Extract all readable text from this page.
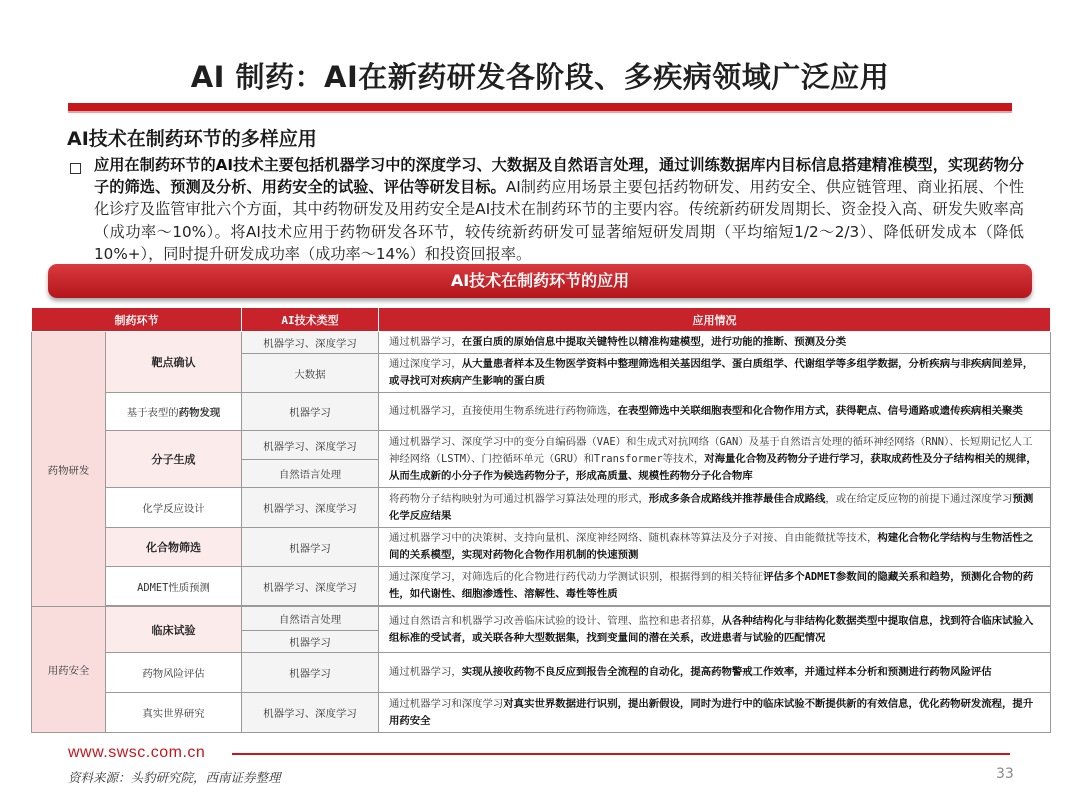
AI 制药：AI在新药研发各阶段、多疾病领域广泛应用
AI技术在制药环节的多样应用
应用在制药环节的AI技术主要包括机器学习中的深度学习、大数据及自然语言处理，通过训练数据库内目标信息搭建精准模型，实现药物分子的筛选、预测及分析、用药安全的试验、评估等研发目标。AI制药应用场景主要包括药物研发、用药安全、供应链管理、商业拓展、个性化诊疗及监管审批六个方面，其中药物研发及用药安全是AI技术在制药环节的主要内容。传统新药研发周期长、资金投入高、研发失败率高（成功率～10%）。将AI技术应用于药物研发各环节，较传统新药研发可显著缩短研发周期（平均缩短1/2～2/3）、降低研发成本（降低10%+），同时提升研发成功率（成功率～14%）和投资回报率。
AI技术在制药环节的应用
制药环节		AI技术类型	应用情况
药物研发	靶点确认	机器学习、深度学习	通过机器学习，在蛋白质的原始信息中提取关键特性以精准构建模型，进行功能的推断、预测及分类
		大数据	通过深度学习，从大量患者样本及生物医学资料中整理筛选相关基因组学、蛋白质组学、代谢组学等多组学数据，分析疾病与非疾病间差异，或寻找可对疾病产生影响的蛋白质
	基于表型的药物发现	机器学习	通过机器学习，直接使用生物系统进行药物筛选，在表型筛选中关联细胞表型和化合物作用方式，获得靶点、信号通路或遗传疾病相关聚类
	分子生成	机器学习、深度学习	通过机器学习、深度学习中的变分自编码器（VAE）和生成式对抗网络（GAN）及基于自然语言处理的循环神经网络（RNN）、长短期记忆人工神经网络（LSTM）、门控循环单元（GRU）和Transformer等技术，对海量化合物及药物分子进行学习，获取成药性及分子结构相关的规律，从而生成新的小分子作为候选药物分子，形成高质量、规模性药物分子化合物库
		自然语言处理	
	化学反应设计	机器学习、深度学习	将药物分子结构映射为可通过机器学习算法处理的形式，形成多条合成路线并推荐最佳合成路线，或在给定反应物的前提下通过深度学习预测化学反应结果
	化合物筛选	机器学习	通过机器学习中的决策树、支持向量机、深度神经网络、随机森林等算法及分子对接、自由能微扰等技术，构建化合物化学结构与生物活性之间的关系模型，实现对药物化合物作用机制的快速预测
	ADMET性质预测	机器学习、深度学习	通过深度学习，对筛选后的化合物进行药代动力学测试识别，根据得到的相关特征评估多个ADMET参数间的隐藏关系和趋势，预测化合物的药性，如代谢性、细胞渗透性、溶解性、毒性等性质

用药安全	临床试验	自然语言处理	通过自然语言和机器学习改善临床试验的设计、管理、监控和患者招募，从各种结构化与非结构化数据类型中提取信息，找到符合临床试验入组标准的受试者，或关联各种大型数据集，找到变量间的潜在关系，改进患者与试验的匹配情况
		机器学习	
	药物风险评估	机器学习	通过机器学习，实现从接收药物不良反应到报告全流程的自动化，提高药物警戒工作效率，并通过样本分析和预测进行药物风险评估
	真实世界研究	机器学习、深度学习	通过机器学习和深度学习对真实世界数据进行识别，提出新假设，同时为进行中的临床试验不断提供新的有效信息，优化药物研发流程，提升用药安全
www.swsc.com.cn
资料来源：头豹研究院，西南证券整理	33
